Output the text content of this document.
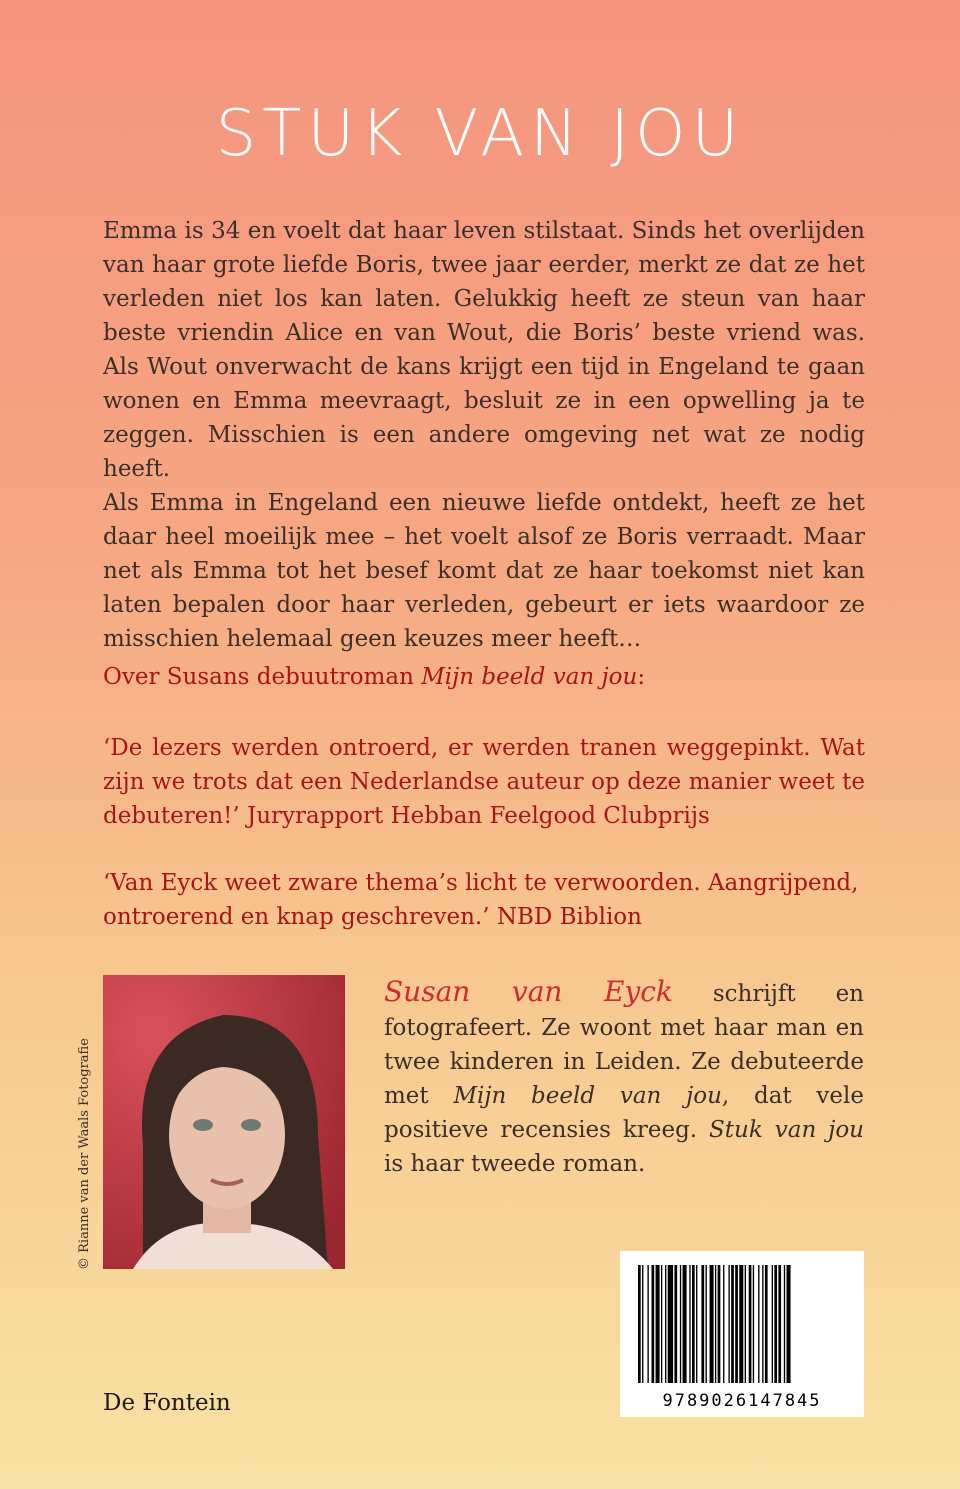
STUK VAN JOU

Emma is 34 en voelt dat haar leven stilstaat. Sinds het overlijden van haar grote liefde Boris, twee jaar eerder, merkt ze dat ze het verleden niet los kan laten. Gelukkig heeft ze steun van haar beste vriendin Alice en van Wout, die Boris’ beste vriend was. Als Wout onverwacht de kans krijgt een tijd in Engeland te gaan wonen en Emma meevraagt, besluit ze in een opwelling ja te zeggen. Misschien is een andere omgeving net wat ze nodig heeft.

Als Emma in Engeland een nieuwe liefde ontdekt, heeft ze het daar heel moeilijk mee – het voelt alsof ze Boris verraadt. Maar net als Emma tot het besef komt dat ze haar toekomst niet kan laten bepalen door haar verleden, gebeurt er iets waardoor ze misschien helemaal geen keuzes meer heeft…

Over Susans debuutroman Mijn beeld van jou:
‘De lezers werden ontroerd, er werden tranen weggepinkt. Wat zijn we trots dat een Nederlandse auteur op deze manier weet te debuteren!’ Juryrapport Hebban Feelgood Clubprijs
‘Van Eyck weet zware thema’s licht te verwoorden. Aangrijpend, ontroerend en knap geschreven.’ NBD Biblion
© Rianne van der Waals Fotografie
Susan van Eyck schrijft en fotografeert. Ze woont met haar man en twee kinderen in Leiden. Ze debuteerde met Mijn beeld van jou, dat vele positieve recensies kreeg. Stuk van jou is haar tweede roman.
9789026147845
De Fontein
